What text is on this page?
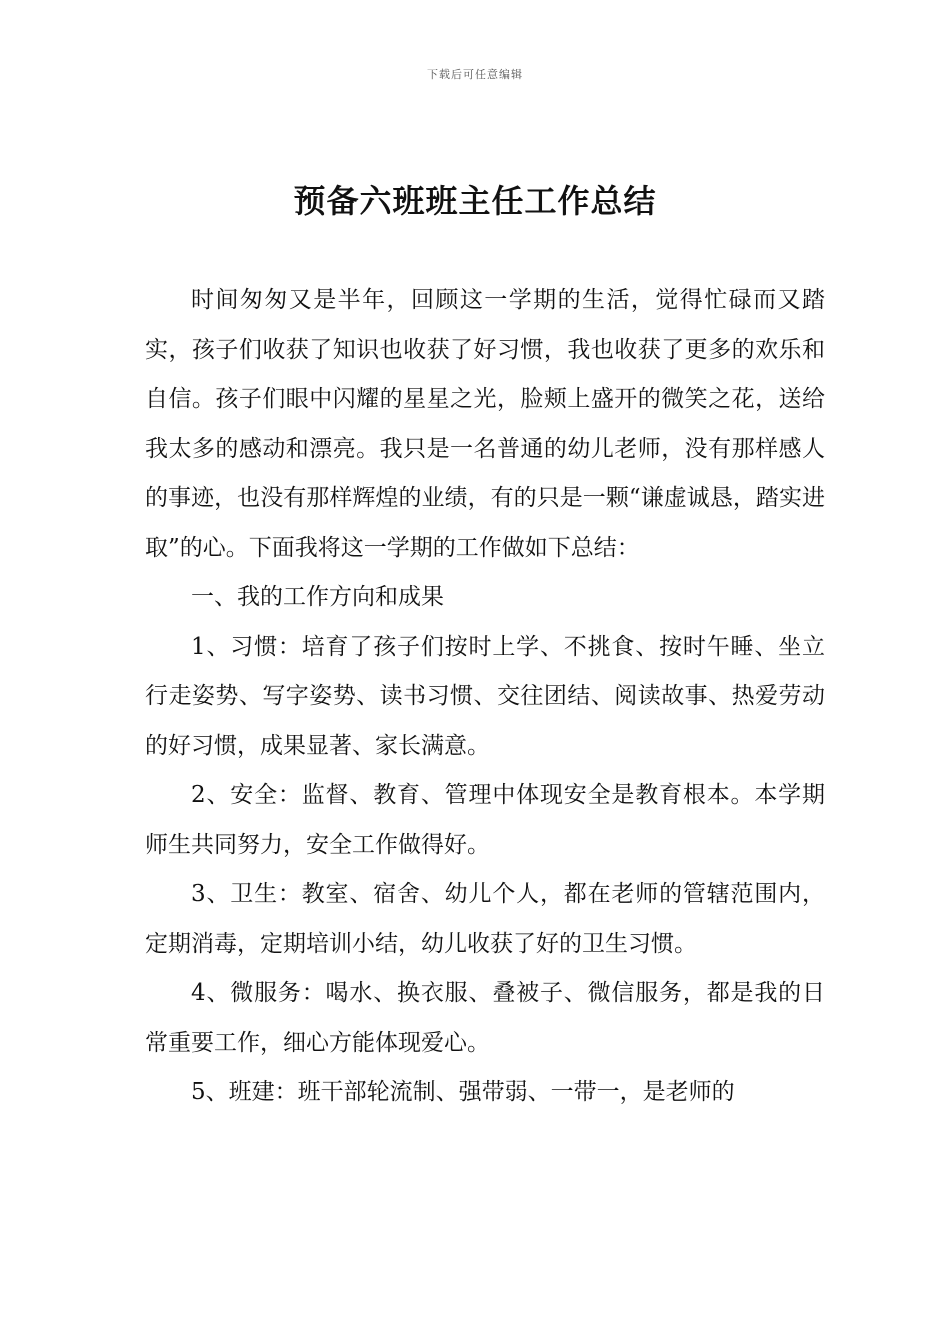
下载后可任意编辑
预备六班班主任工作总结

时间匆匆又是半年，回顾这一学期的生活，觉得忙碌而又踏实，孩子们收获了知识也收获了好习惯，我也收获了更多的欢乐和自信。孩子们眼中闪耀的星星之光，脸颊上盛开的微笑之花，送给我太多的感动和漂亮。我只是一名普通的幼儿老师，没有那样感人的事迹，也没有那样辉煌的业绩，有的只是一颗“谦虚诚恳，踏实进取”的心。下面我将这一学期的工作做如下总结：

一、我的工作方向和成果

1、习惯：培育了孩子们按时上学、不挑食、按时午睡、坐立行走姿势、写字姿势、读书习惯、交往团结、阅读故事、热爱劳动的好习惯，成果显著、家长满意。

2、安全：监督、教育、管理中体现安全是教育根本。本学期师生共同努力，安全工作做得好。

3、卫生：教室、宿舍、幼儿个人，都在老师的管辖范围内，定期消毒，定期培训小结，幼儿收获了好的卫生习惯。

4、微服务：喝水、换衣服、叠被子、微信服务，都是我的日常重要工作，细心方能体现爱心。

5、班建：班干部轮流制、强带弱、一带一，是老师的
